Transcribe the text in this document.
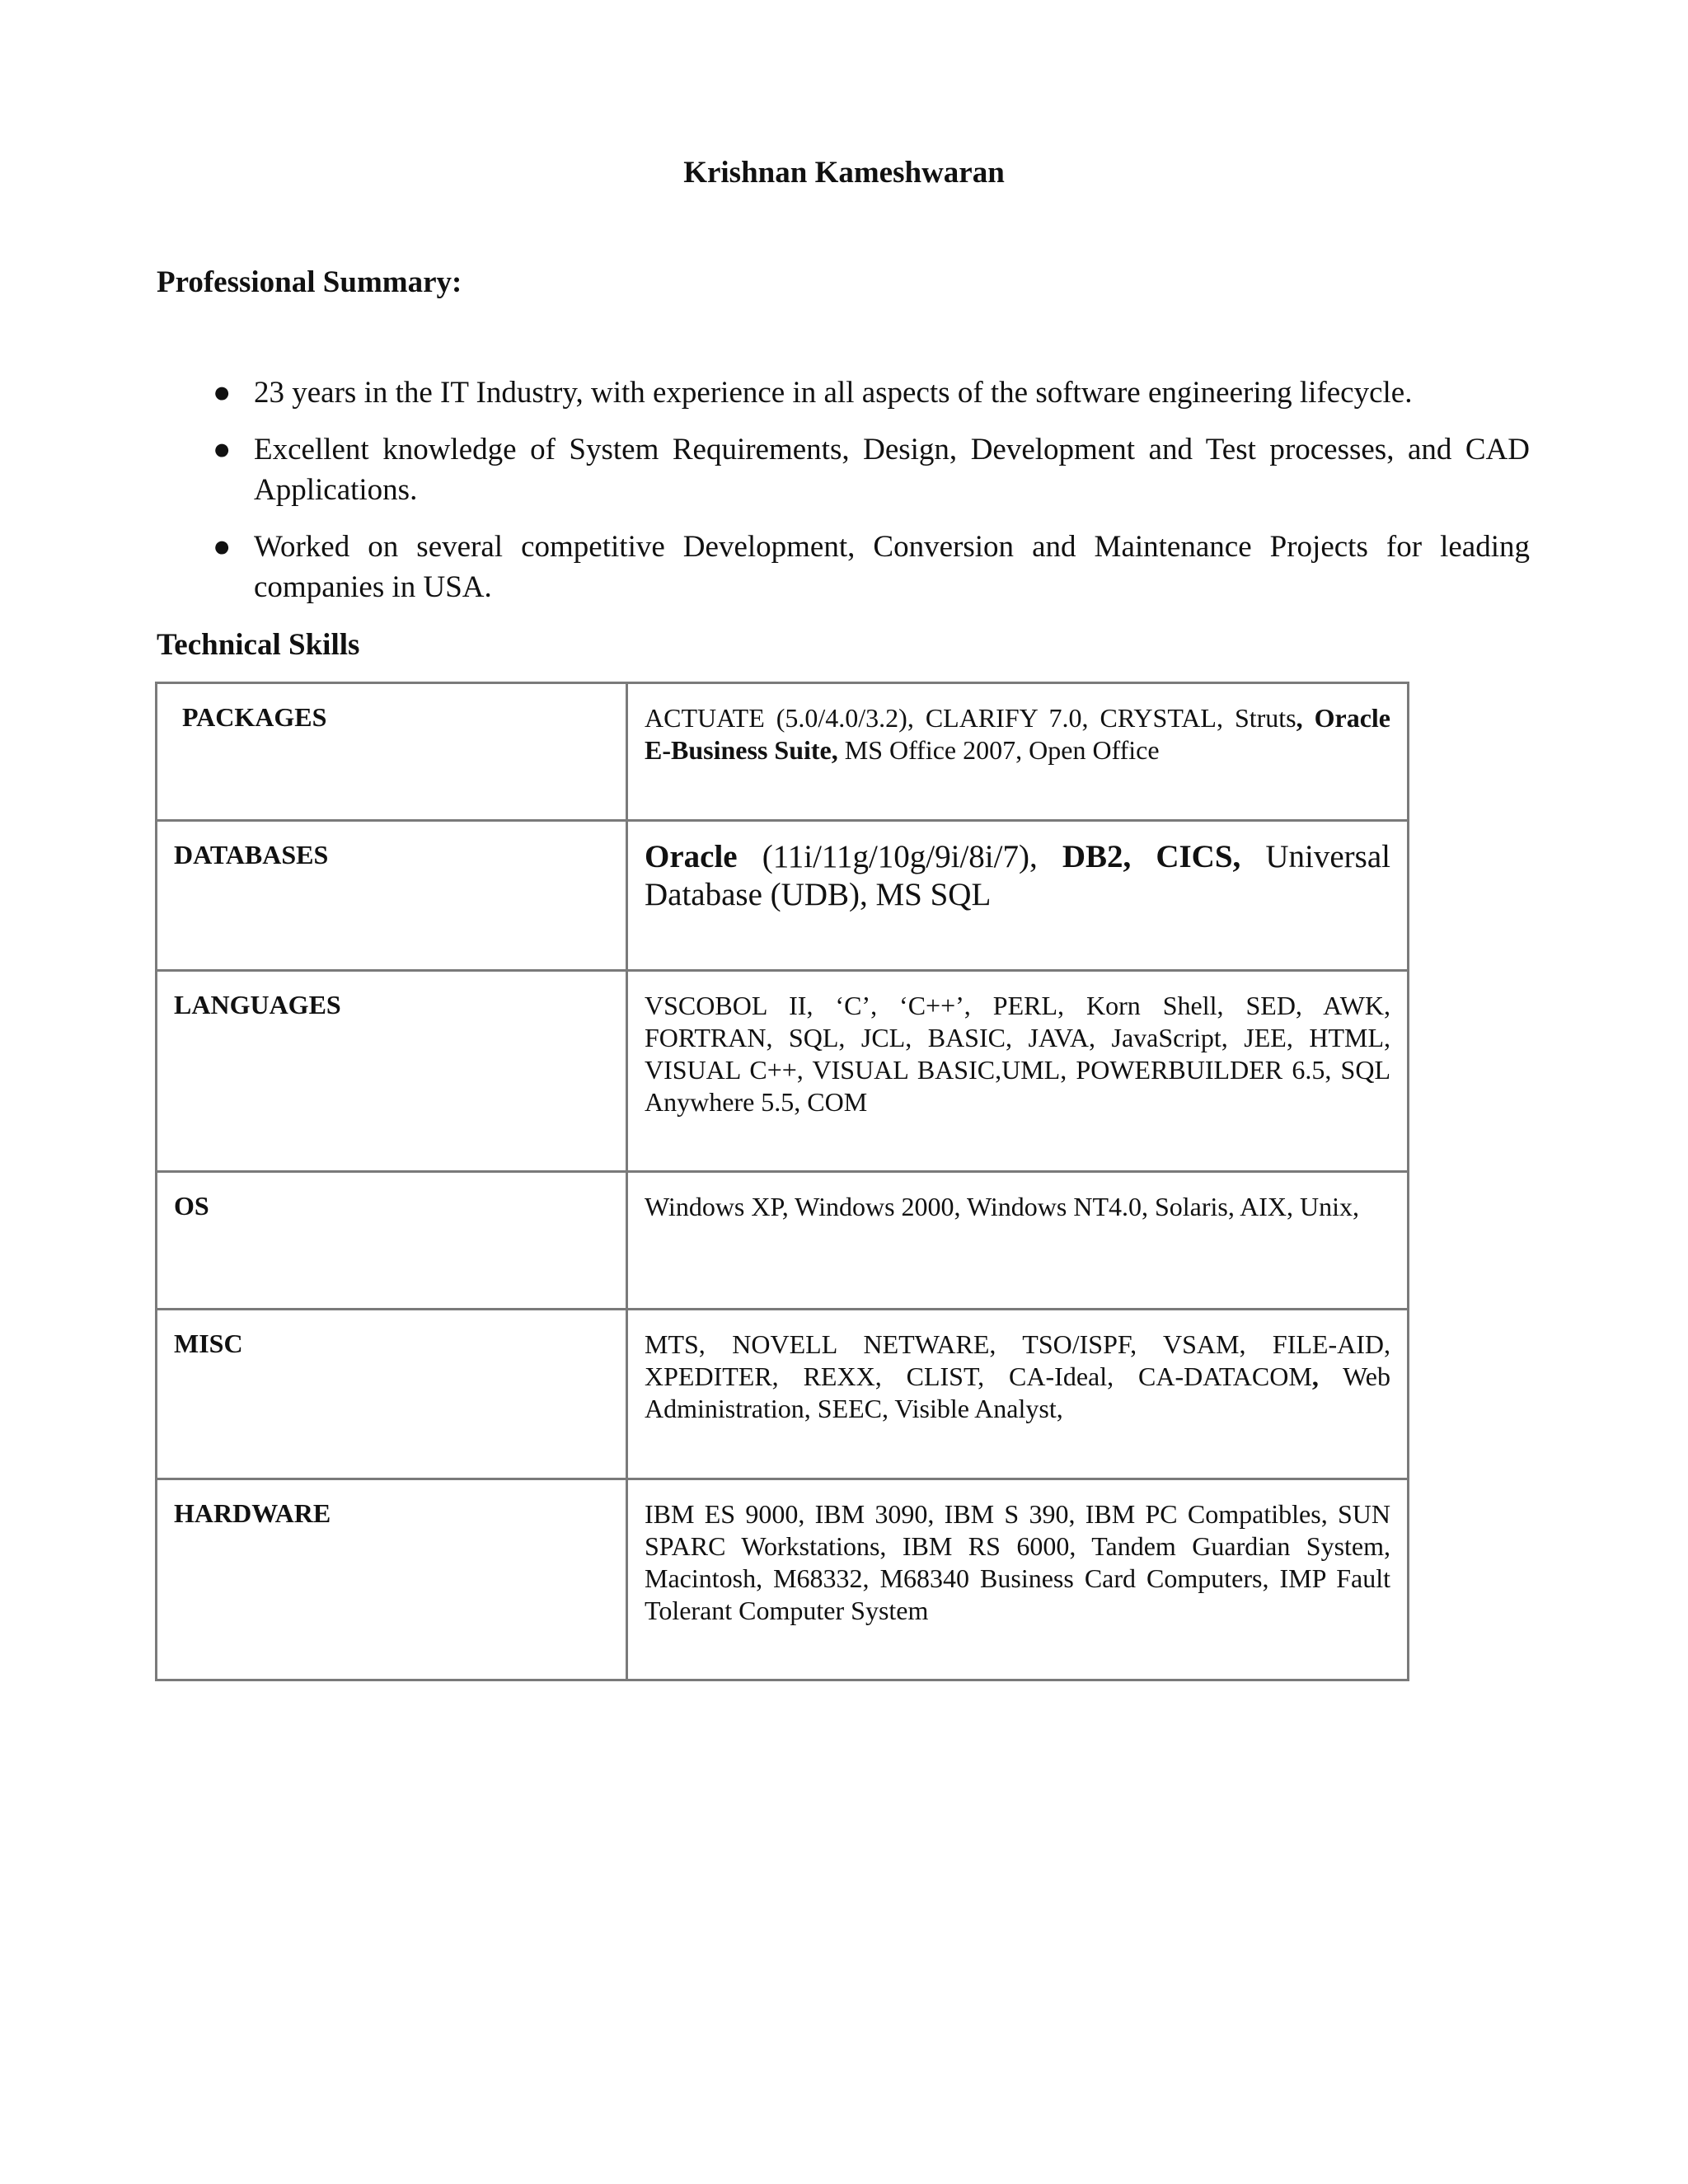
Krishnan Kameshwaran
Professional Summary:
● 23 years in the IT Industry, with experience in all aspects of the software engineering lifecycle.
● Excellent knowledge of System Requirements, Design, Development and Test processes, and CAD Applications.
● Worked on several competitive Development, Conversion and Maintenance Projects for leading companies in USA.
Technical Skills
PACKAGES	ACTUATE (5.0/4.0/3.2), CLARIFY 7.0, CRYSTAL, Struts, Oracle E-Business Suite, MS Office 2007, Open Office

DATABASES	Oracle (11i/11g/10g/9i/8i/7), DB2, CICS, Universal Database (UDB), MS SQL

LANGUAGES	VSCOBOL II, ‘C’, ‘C++’, PERL, Korn Shell, SED, AWK, FORTRAN, SQL, JCL, BASIC, JAVA, JavaScript, JEE, HTML, VISUAL C++, VISUAL BASIC,UML, POWERBUILDER 6.5, SQL Anywhere 5.5, COM

OS	Windows XP, Windows 2000, Windows NT4.0, Solaris, AIX, Unix,

MISC	MTS, NOVELL NETWARE, TSO/ISPF, VSAM, FILE-AID, XPEDITER, REXX, CLIST, CA-Ideal, CA-DATACOM, Web Administration, SEEC, Visible Analyst,

HARDWARE	IBM ES 9000, IBM 3090, IBM S 390, IBM PC Compatibles, SUN SPARC Workstations, IBM RS 6000, Tandem Guardian System, Macintosh, M68332, M68340 Business Card Computers, IMP Fault Tolerant Computer System
